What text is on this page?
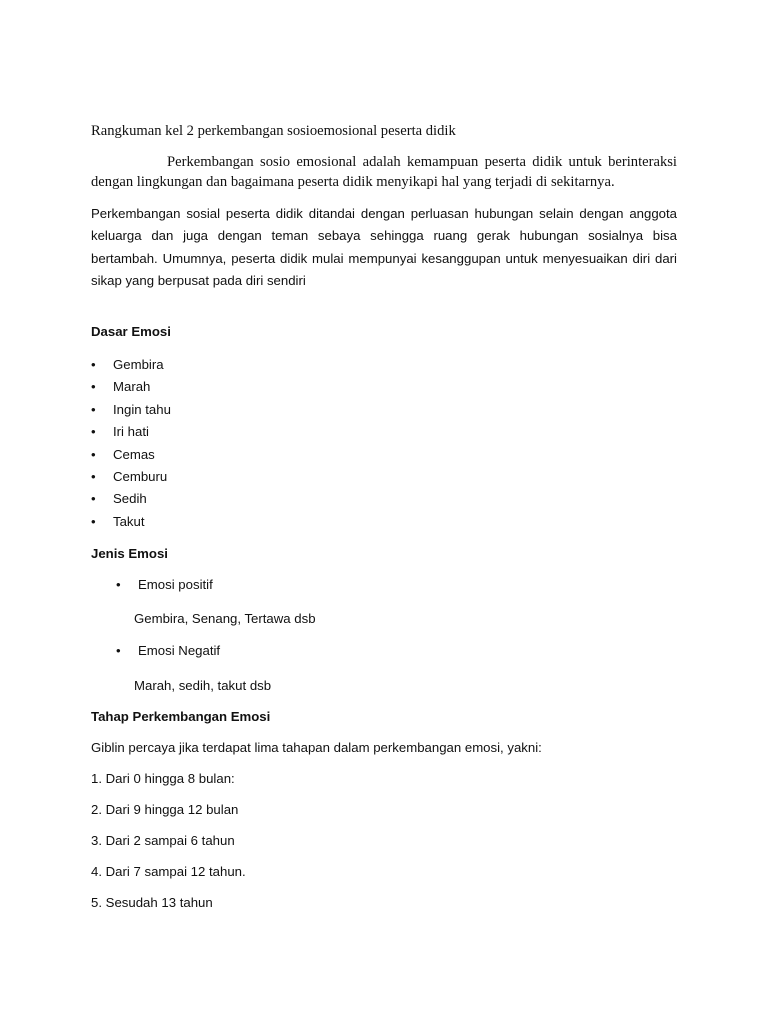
Rangkuman kel 2 perkembangan sosioemosional peserta didik

Perkembangan sosio emosional adalah kemampuan peserta didik untuk berinteraksi dengan lingkungan dan bagaimana peserta didik menyikapi hal yang terjadi di sekitarnya.

Perkembangan sosial peserta didik ditandai dengan perluasan hubungan selain dengan anggota keluarga dan juga dengan teman sebaya sehingga ruang gerak hubungan sosialnya bisa bertambah. Umumnya, peserta didik mulai mempunyai kesanggupan untuk menyesuaikan diri dari sikap yang berpusat pada diri sendiri

Dasar Emosi

•	Gembira
•	Marah
•	Ingin tahu
•	Iri hati
•	Cemas
•	Cemburu
•	Sedih
•	Takut

Jenis Emosi

• Emosi positif

Gembira, Senang, Tertawa dsb

• Emosi Negatif

Marah, sedih, takut dsb

Tahap Perkembangan Emosi

Giblin percaya jika terdapat lima tahapan dalam perkembangan emosi, yakni:

1. Dari 0 hingga 8 bulan:

2. Dari 9 hingga 12 bulan

3. Dari 2 sampai 6 tahun

4. Dari 7 sampai 12 tahun.

5. Sesudah 13 tahun
